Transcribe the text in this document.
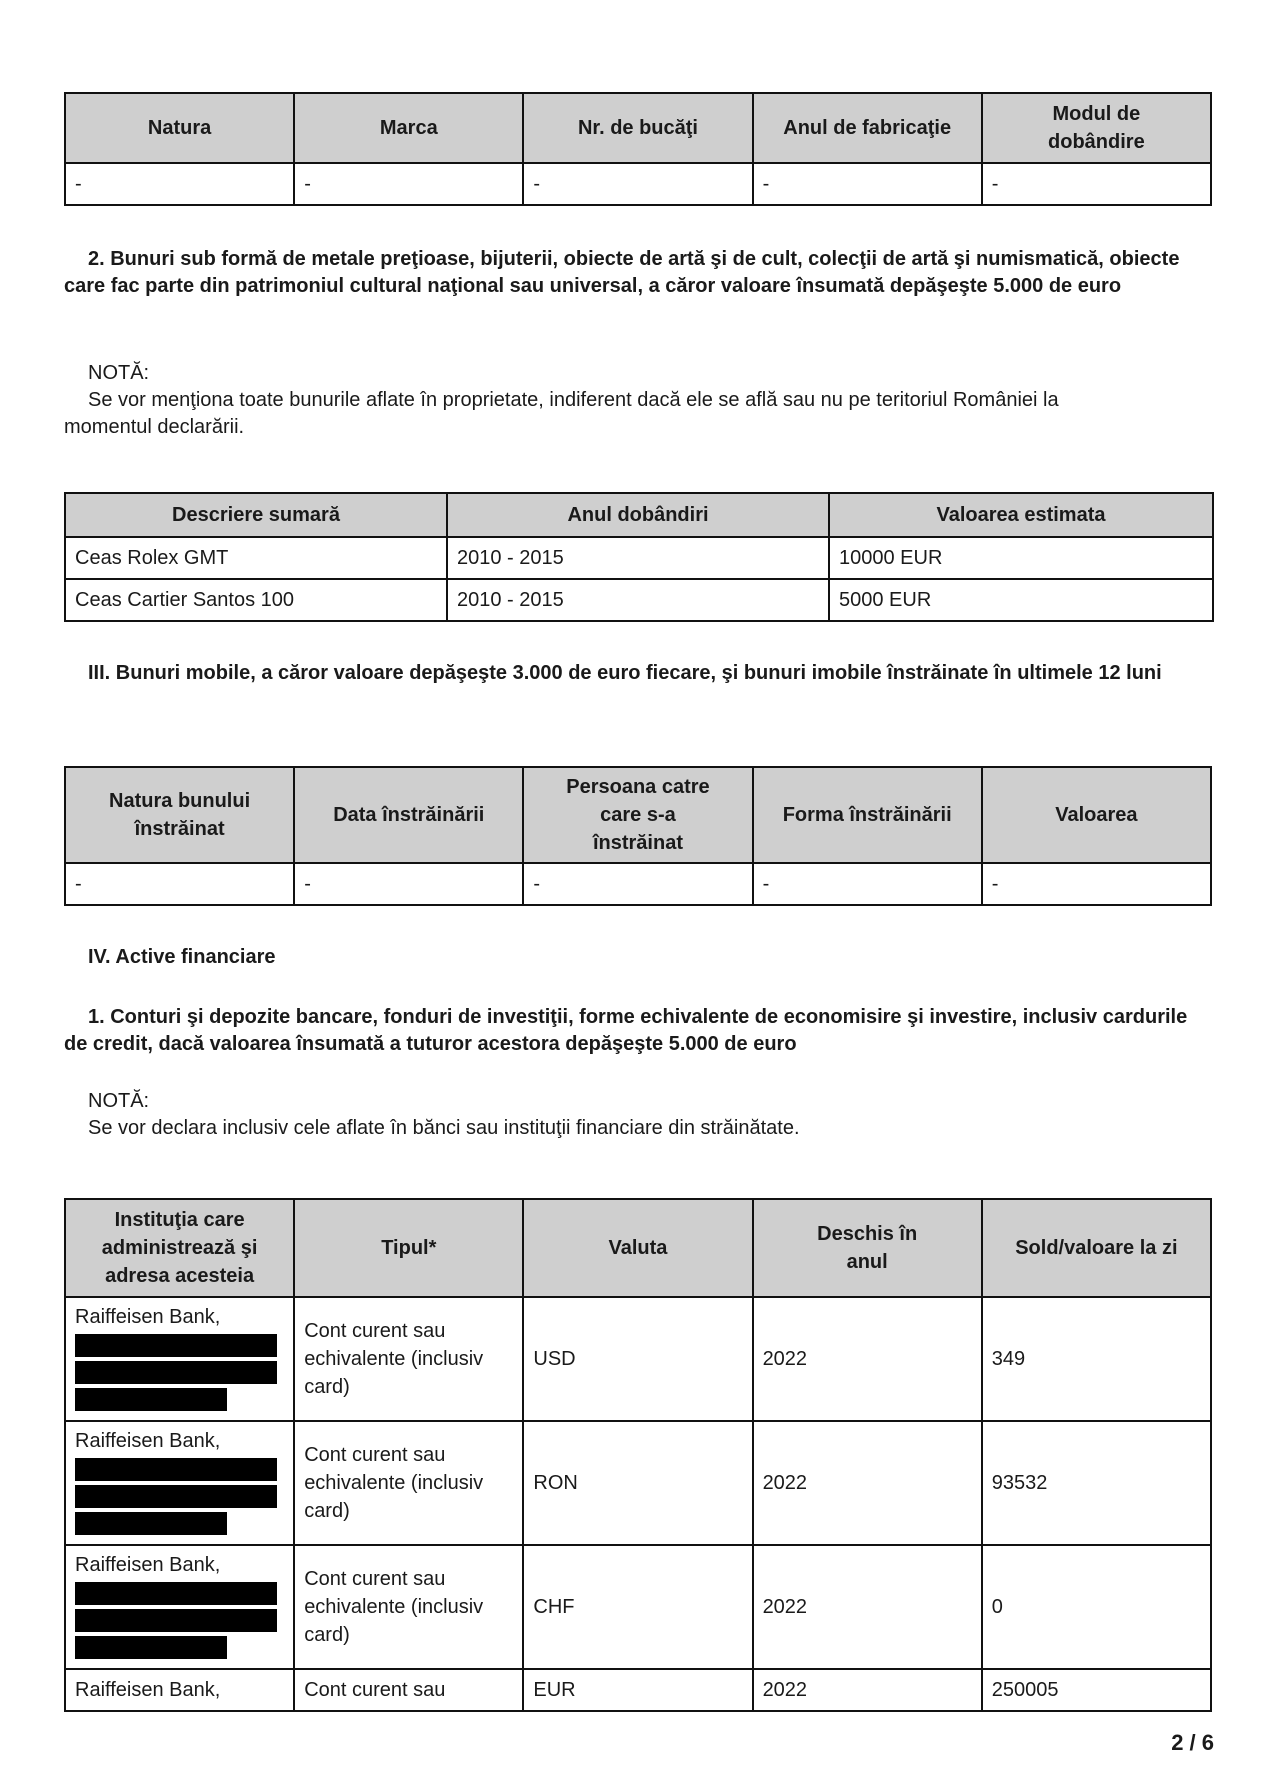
Natura	Marca	Nr. de bucăţi	Anul de fabricaţie	Modul de dobândire
-	-	-	-	-
2. Bunuri sub formă de metale preţioase, bijuterii, obiecte de artă şi de cult, colecţii de artă şi numismatică, obiecte care fac parte din patrimoniul cultural naţional sau universal, a căror valoare însumată depăşeşte 5.000 de euro
NOTĂ:
Se vor menţiona toate bunurile aflate în proprietate, indiferent dacă ele se află sau nu pe teritoriul României la momentul declarării.
Descriere sumară	Anul dobândiri	Valoarea estimata
Ceas Rolex GMT	2010 - 2015	10000 EUR
Ceas Cartier Santos 100	2010 - 2015	5000 EUR
III. Bunuri mobile, a căror valoare depăşeşte 3.000 de euro fiecare, şi bunuri imobile înstrăinate în ultimele 12 luni
Natura bunului înstrăinat	Data înstrăinării	Persoana catre care s-a înstrăinat	Forma înstrăinării	Valoarea
-	-	-	-	-
IV. Active financiare
1. Conturi şi depozite bancare, fonduri de investiţii, forme echivalente de economisire şi investire, inclusiv cardurile de credit, dacă valoarea însumată a tuturor acestora depăşeşte 5.000 de euro
NOTĂ:
Se vor declara inclusiv cele aflate în bănci sau instituţii financiare din străinătate.
Instituţia care administrează şi adresa acesteia	Tipul*	Valuta	Deschis în anul	Sold/valoare la zi

Raiffeisen Bank,	Cont curent sau echivalente (inclusiv card)	USD	2022	349

Raiffeisen Bank,	Cont curent sau echivalente (inclusiv card)	RON	2022	93532

Raiffeisen Bank,	Cont curent sau echivalente (inclusiv card)	CHF	2022	0
Raiffeisen Bank,	Cont curent sau	EUR	2022	250005
2 / 6
